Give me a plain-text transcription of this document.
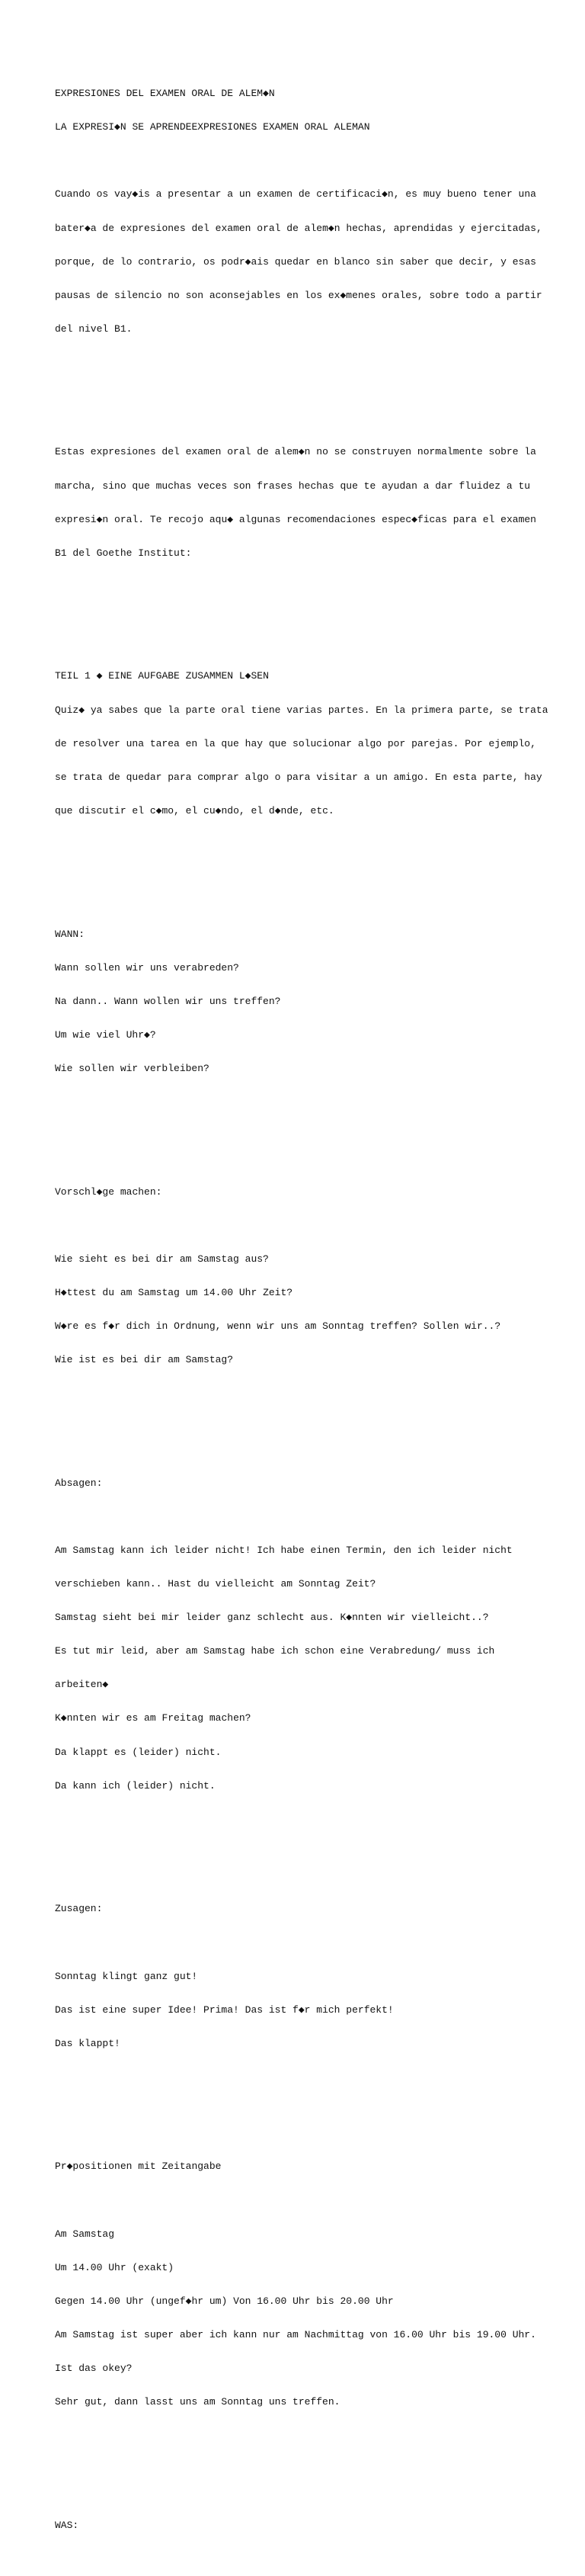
EXPRESIONES DEL EXAMEN ORAL DE ALEM◆N

LA EXPRESI◆N SE APRENDEEXPRESIONES EXAMEN ORAL ALEMAN

Cuando os vay◆is a presentar a un examen de certificaci◆n, es muy bueno tener una

bater◆a de expresiones del examen oral de alem◆n hechas, aprendidas y ejercitadas,

porque, de lo contrario, os podr◆ais quedar en blanco sin saber que decir, y esas

pausas de silencio no son aconsejables en los ex◆menes orales, sobre todo a partir

del nivel B1.

Estas expresiones del examen oral de alem◆n no se construyen normalmente sobre la

marcha, sino que muchas veces son frases hechas que te ayudan a dar fluidez a tu

expresi◆n oral. Te recojo aqu◆ algunas recomendaciones espec◆ficas para el examen

B1 del Goethe Institut:

TEIL 1 ◆ EINE AUFGABE ZUSAMMEN L◆SEN

Quiz◆ ya sabes que la parte oral tiene varias partes. En la primera parte, se trata

de resolver una tarea en la que hay que solucionar algo por parejas. Por ejemplo,

se trata de quedar para comprar algo o para visitar a un amigo. En esta parte, hay

que discutir el c◆mo, el cu◆ndo, el d◆nde, etc.

WANN:

Wann sollen wir uns verabreden?

Na dann.. Wann wollen wir uns treffen?

Um wie viel Uhr◆?

Wie sollen wir verbleiben?

Vorschl◆ge machen:

Wie sieht es bei dir am Samstag aus?

H◆ttest du am Samstag um 14.00 Uhr Zeit?

W◆re es f◆r dich in Ordnung, wenn wir uns am Sonntag treffen? Sollen wir..?

Wie ist es bei dir am Samstag?

Absagen:

Am Samstag kann ich leider nicht! Ich habe einen Termin, den ich leider nicht

verschieben kann.. Hast du vielleicht am Sonntag Zeit?

Samstag sieht bei mir leider ganz schlecht aus. K◆nnten wir vielleicht..?

Es tut mir leid, aber am Samstag habe ich schon eine Verabredung/ muss ich

arbeiten◆

K◆nnten wir es am Freitag machen?

Da klappt es (leider) nicht.

Da kann ich (leider) nicht.

Zusagen:

Sonntag klingt ganz gut!

Das ist eine super Idee! Prima! Das ist f◆r mich perfekt!

Das klappt!

Pr◆positionen mit Zeitangabe

Am Samstag

Um 14.00 Uhr (exakt)

Gegen 14.00 Uhr (ungef◆hr um) Von 16.00 Uhr bis 20.00 Uhr

Am Samstag ist super aber ich kann nur am Nachmittag von 16.00 Uhr bis 19.00 Uhr.

Ist das okey?

Sehr gut, dann lasst uns am Sonntag uns treffen.

WAS:
